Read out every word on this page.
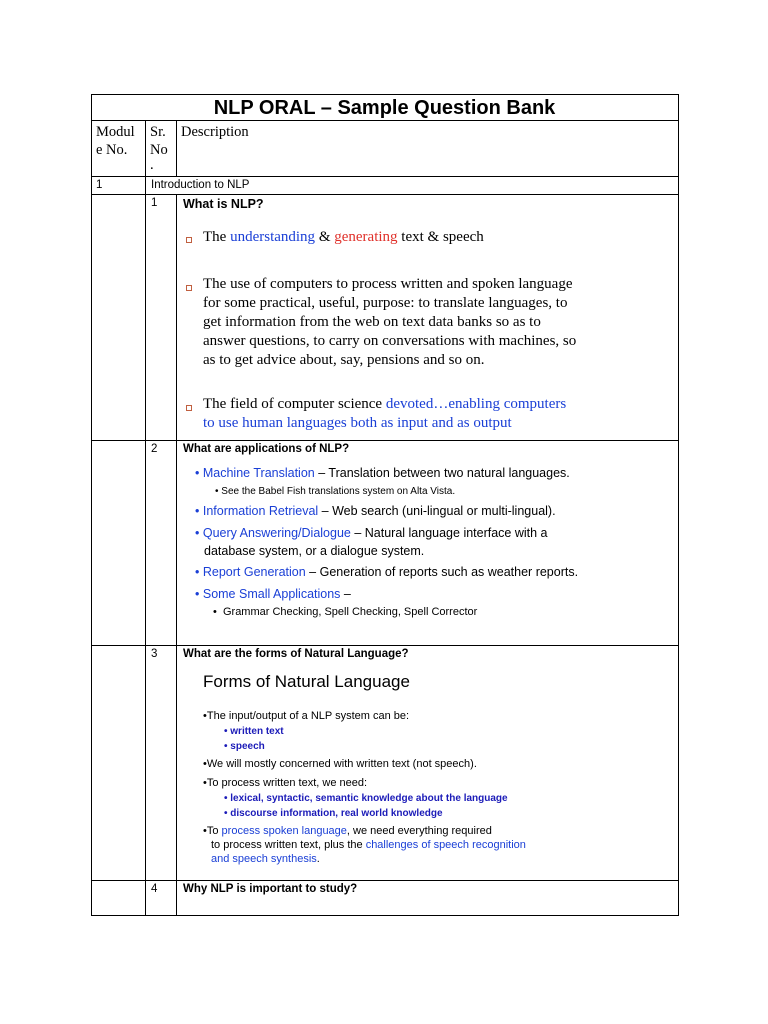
NLP ORAL – Sample Question Bank
Modul
e No.
Sr.
No
.
Description
1	Introduction to NLP
1 What is NLP?
The understanding & generating text & speech
The use of computers to process written and spoken language
for some practical, useful, purpose: to translate languages, to
get information from the web on text data banks so as to
answer questions, to carry on conversations with machines, so
as to get advice about, say, pensions and so on.
The field of computer science devoted…enabling computers
to use human languages both as input and as output
2 What are applications of NLP?
• Machine Translation – Translation between two natural languages.
• See the Babel Fish translations system on Alta Vista.
• Information Retrieval – Web search (uni-lingual or multi-lingual).
• Query Answering/Dialogue – Natural language interface with a
database system, or a dialogue system.
• Report Generation – Generation of reports such as weather reports.
• Some Small Applications –
•  Grammar Checking, Spell Checking, Spell Corrector
3 What are the forms of Natural Language?
Forms of Natural Language
•The input/output of a NLP system can be:
• written text
• speech
•We will mostly concerned with written text (not speech).
•To process written text, we need:
• lexical, syntactic, semantic knowledge about the language
• discourse information, real world knowledge
•To process spoken language, we need everything required
to process written text, plus the challenges of speech recognition
and speech synthesis.
4 Why NLP is important to study?
